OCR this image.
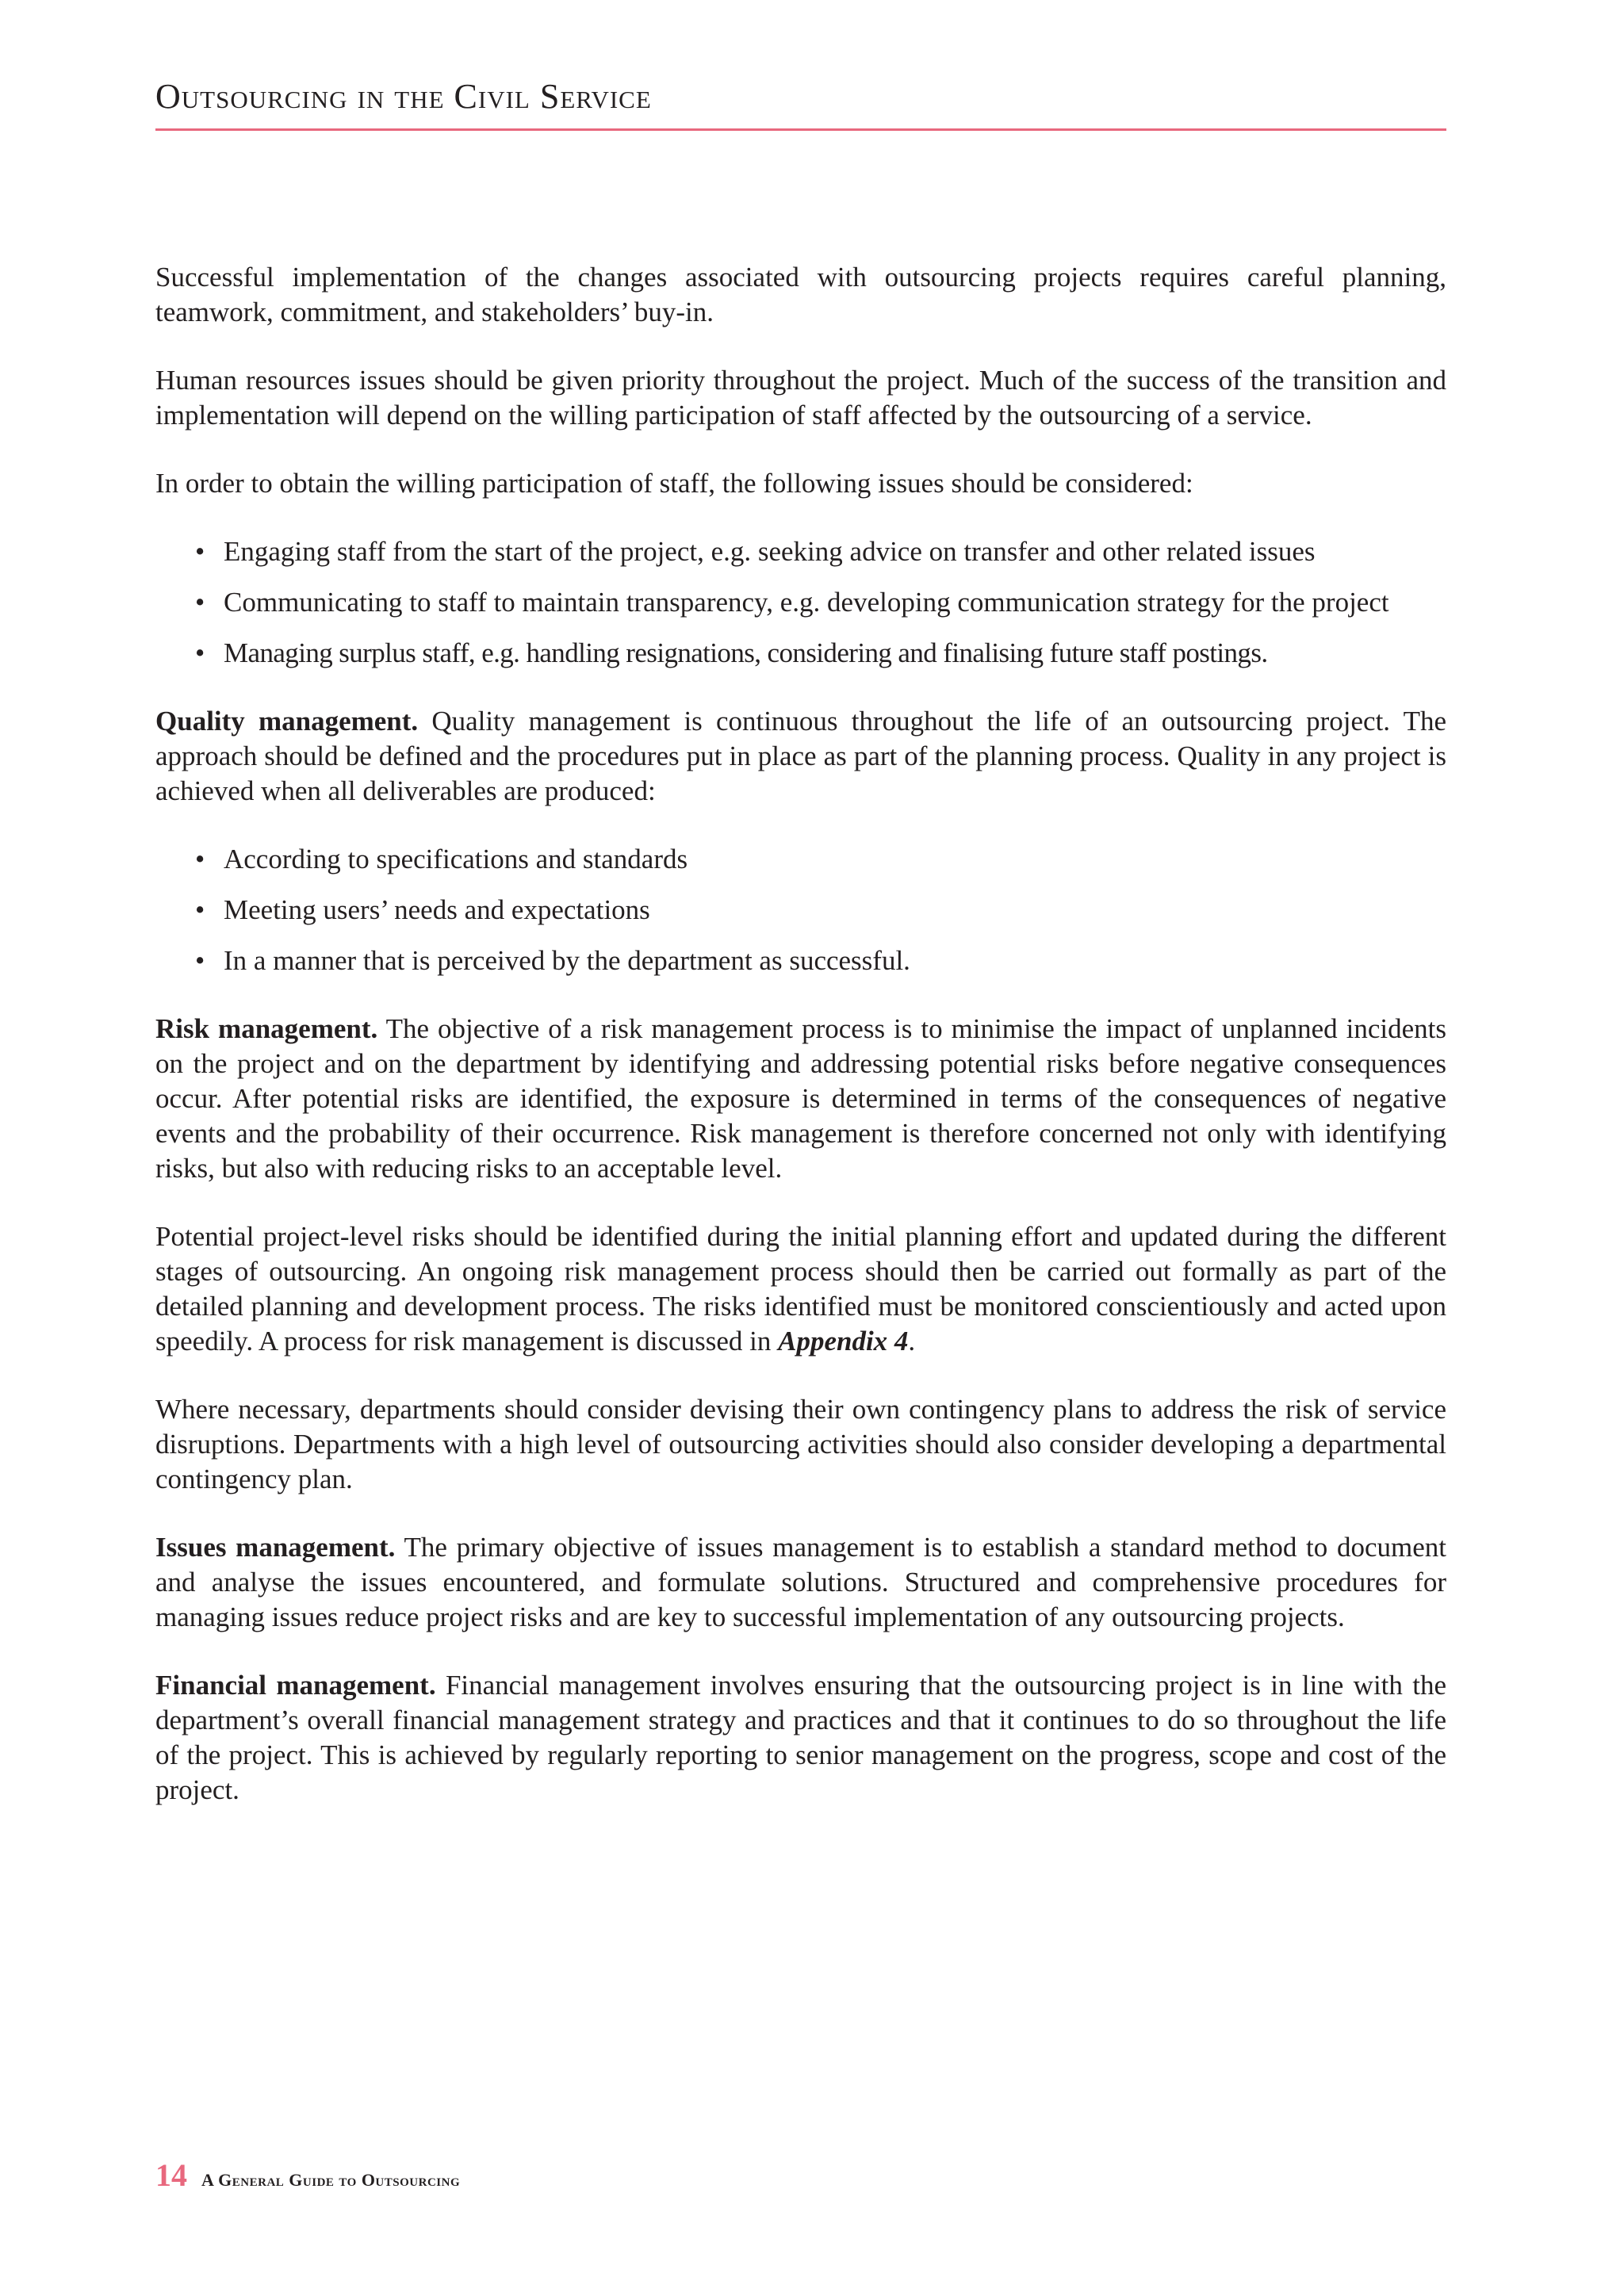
Outsourcing in the Civil Service

Successful implementation of the changes associated with outsourcing projects requires careful planning, teamwork, commitment, and stakeholders’ buy-in.

Human resources issues should be given priority throughout the project. Much of the success of the transition and implementation will depend on the willing participation of staff affected by the outsourcing of a service.

In order to obtain the willing participation of staff, the following issues should be considered:

• Engaging staff from the start of the project, e.g. seeking advice on transfer and other related issues
• Communicating to staff to maintain transparency, e.g. developing communication strategy for the project
• Managing surplus staff, e.g. handling resignations, considering and finalising future staff postings.

Quality management. Quality management is continuous throughout the life of an outsourcing project. The approach should be defined and the procedures put in place as part of the planning process. Quality in any project is achieved when all deliverables are produced:

• According to specifications and standards
• Meeting users’ needs and expectations
• In a manner that is perceived by the department as successful.

Risk management. The objective of a risk management process is to minimise the impact of unplanned incidents on the project and on the department by identifying and addressing potential risks before negative consequences occur. After potential risks are identified, the exposure is determined in terms of the consequences of negative events and the probability of their occurrence. Risk management is therefore concerned not only with identifying risks, but also with reducing risks to an acceptable level.

Potential project-level risks should be identified during the initial planning effort and updated during the different stages of outsourcing. An ongoing risk management process should then be carried out formally as part of the detailed planning and development process. The risks identified must be monitored conscientiously and acted upon speedily. A process for risk management is discussed in Appendix 4.

Where necessary, departments should consider devising their own contingency plans to address the risk of service disruptions. Departments with a high level of outsourcing activities should also consider developing a departmental contingency plan.

Issues management. The primary objective of issues management is to establish a standard method to document and analyse the issues encountered, and formulate solutions. Structured and comprehensive procedures for managing issues reduce project risks and are key to successful implementation of any outsourcing projects.

Financial management. Financial management involves ensuring that the outsourcing project is in line with the department’s overall financial management strategy and practices and that it continues to do so throughout the life of the project. This is achieved by regularly reporting to senior management on the progress, scope and cost of the project.

14 A General Guide to Outsourcing
